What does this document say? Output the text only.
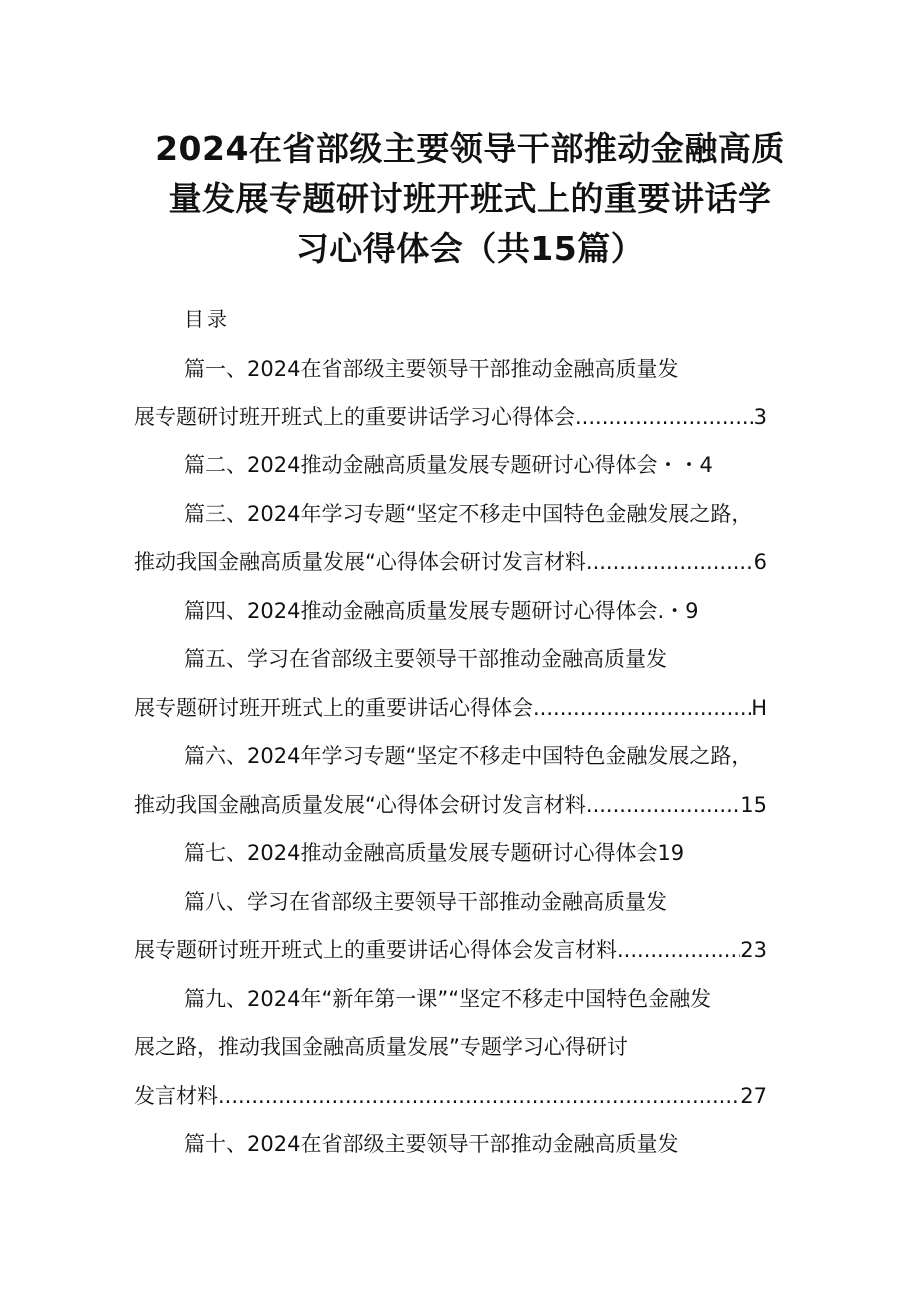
2024在省部级主要领导干部推动金融高质
量发展专题研讨班开班式上的重要讲话学
习心得体会（共15篇）
目录
篇一、2024在省部级主要领导干部推动金融高质量发
展专题研讨班开班式上的重要讲话学习心得体会 .....	3
篇二、2024推动金融高质量发展专题研讨心得体会・・4
篇三、2024年学习专题“坚定不移走中国特色金融发展之路，
推动我国金融高质量发展“心得体会研讨发言材料 .....	6
篇四、2024推动金融高质量发展专题研讨心得体会.・9
篇五、学习在省部级主要领导干部推动金融高质量发
展专题研讨班开班式上的重要讲话心得体会 .....	H
篇六、2024年学习专题“坚定不移走中国特色金融发展之路，
推动我国金融高质量发展“心得体会研讨发言材料 .....	15
篇七、2024推动金融高质量发展专题研讨心得体会19
篇八、学习在省部级主要领导干部推动金融高质量发
展专题研讨班开班式上的重要讲话心得体会发言材料 .....	23
篇九、2024年“新年第一课”“坚定不移走中国特色金融发
展之路，推动我国金融高质量发展”专题学习心得研讨
发言材料 .....	27
篇十、2024在省部级主要领导干部推动金融高质量发
